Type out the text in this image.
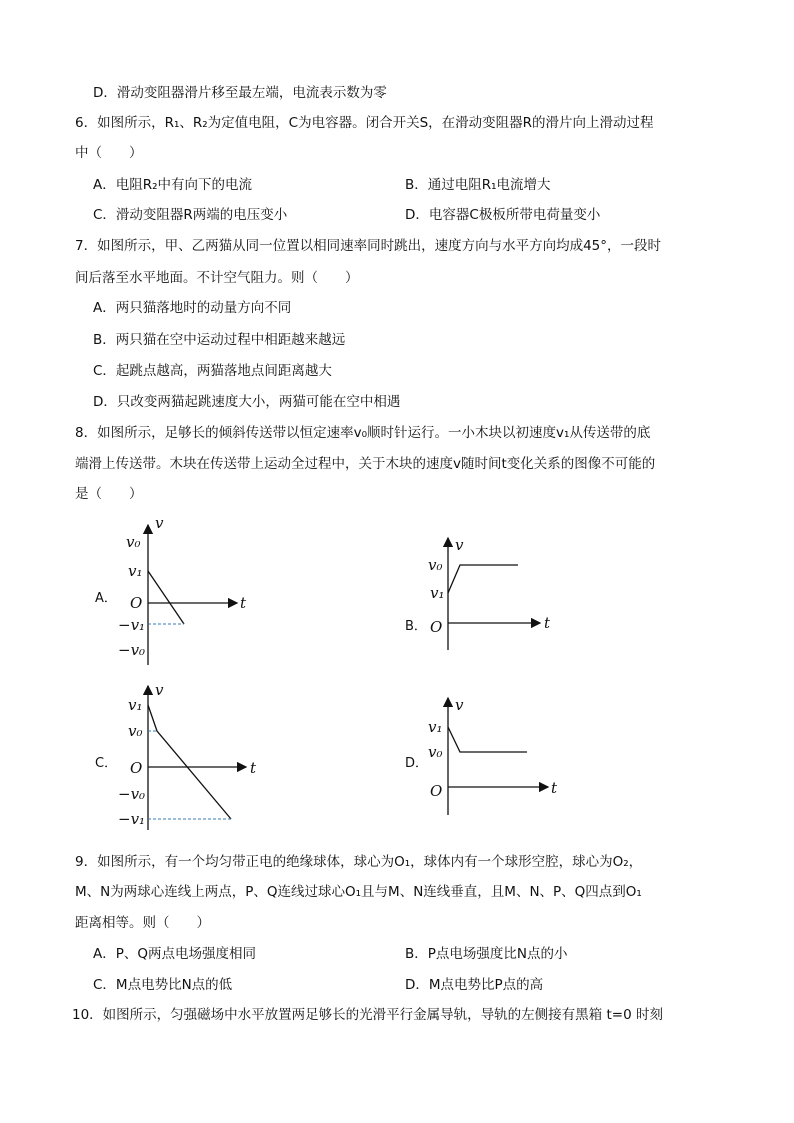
D．滑动变阻器滑片移至最左端，电流表示数为零
6．如图所示，R₁、R₂为定值电阻，C为电容器。闭合开关S，在滑动变阻器R的滑片向上滑动过程
中（　　）
A．电阻R₂中有向下的电流	B．通过电阻R₁电流增大
C．滑动变阻器R两端的电压变小	D．电容器C极板所带电荷量变小
7．如图所示，甲、乙两猫从同一位置以相同速率同时跳出，速度方向与水平方向均成45°，一段时
间后落至水平地面。不计空气阻力。则（　　）
A．两只猫落地时的动量方向不同
B．两只猫在空中运动过程中相距越来越远
C．起跳点越高，两猫落地点间距离越大
D．只改变两猫起跳速度大小，两猫可能在空中相遇
8．如图所示，足够长的倾斜传送带以恒定速率v₀顺时针运行。一小木块以初速度v₁从传送带的底
端滑上传送带。木块在传送带上运动全过程中，关于木块的速度v随时间t变化关系的图像不可能的
是（　　）
A．
v
t
v₀
v₁
O
−v₁
−v₀
B．
v
t
v₀
v₁
O
C．
v
t
v₁
v₀
O
−v₀
−v₁
D．
v
t
v₁
v₀
O
9．如图所示，有一个均匀带正电的绝缘球体，球心为O₁，球体内有一个球形空腔，球心为O₂，
M、N为两球心连线上两点，P、Q连线过球心O₁且与M、N连线垂直，且M、N、P、Q四点到O₁
距离相等。则（　　）
A．P、Q两点电场强度相同	B．P点电场强度比N点的小
C．M点电势比N点的低	D．M点电势比P点的高
10．如图所示，匀强磁场中水平放置两足够长的光滑平行金属导轨，导轨的左侧接有黑箱 t=0 时刻
